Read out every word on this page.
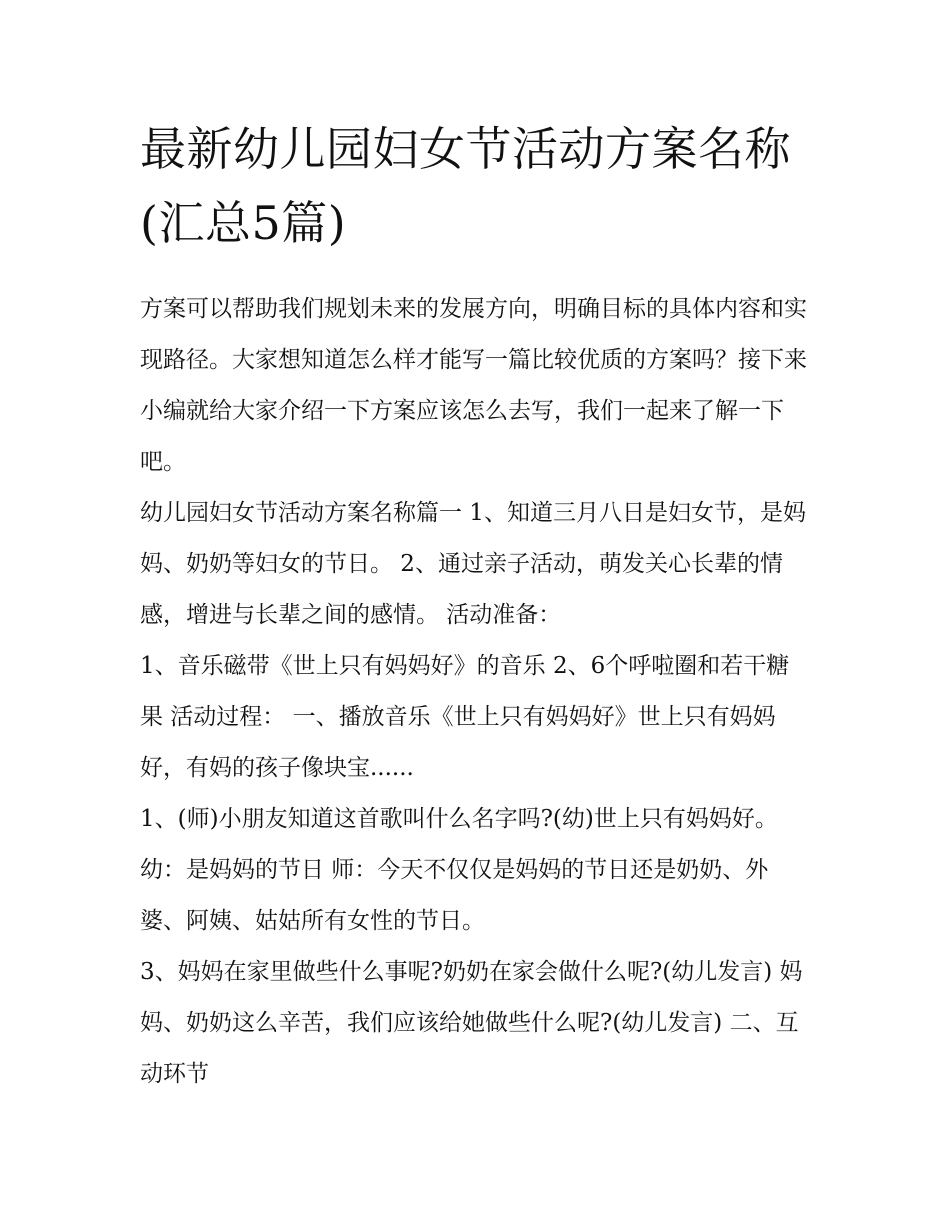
最新幼儿园妇女节活动方案名称(汇总5篇)

方案可以帮助我们规划未来的发展方向，明确目标的具体内容和实现路径。大家想知道怎么样才能写一篇比较优质的方案吗？接下来小编就给大家介绍一下方案应该怎么去写，我们一起来了解一下吧。

幼儿园妇女节活动方案名称篇一 1、知道三月八日是妇女节，是妈妈、奶奶等妇女的节日。 2、通过亲子活动，萌发关心长辈的情感，增进与长辈之间的感情。 活动准备：

1、音乐磁带《世上只有妈妈好》的音乐 2、6个呼啦圈和若干糖果 活动过程： 一、播放音乐《世上只有妈妈好》世上只有妈妈好，有妈的孩子像块宝......

1、(师)小朋友知道这首歌叫什么名字吗?(幼)世上只有妈妈好。 幼：是妈妈的节日 师：今天不仅仅是妈妈的节日还是奶奶、外婆、阿姨、姑姑所有女性的节日。

3、妈妈在家里做些什么事呢?奶奶在家会做什么呢?(幼儿发言) 妈妈、奶奶这么辛苦，我们应该给她做些什么呢?(幼儿发言) 二、互动环节
